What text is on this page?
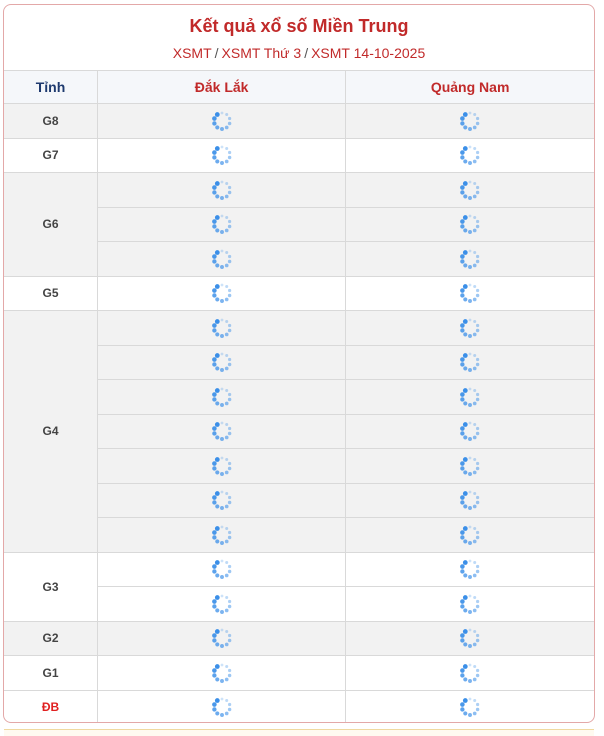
Kết quả xổ số Miền Trung
XSMT / XSMT Thứ 3 / XSMT 14-10-2025
Tỉnh	Đắk Lắk	Quảng Nam
G8		
G7		
G6		

G5		
G4		

G3		

G2		
G1		
ĐB		
